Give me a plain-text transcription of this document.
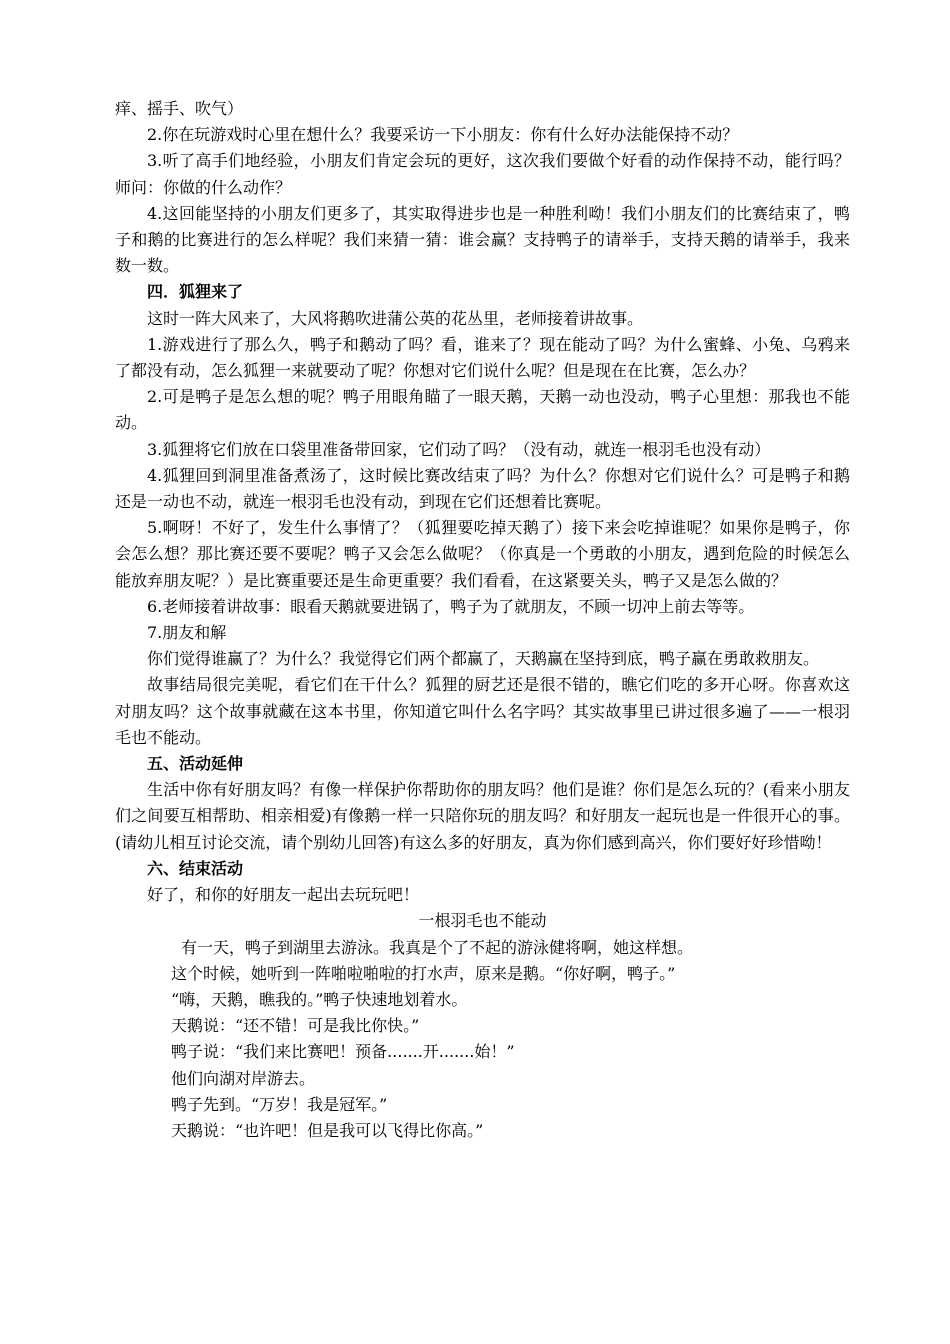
痒、摇手、吹气）

2.你在玩游戏时心里在想什么？我要采访一下小朋友：你有什么好办法能保持不动？

3.听了高手们地经验，小朋友们肯定会玩的更好，这次我们要做个好看的动作保持不动，能行吗？师问：你做的什么动作？

4.这回能坚持的小朋友们更多了，其实取得进步也是一种胜利呦！我们小朋友们的比赛结束了，鸭子和鹅的比赛进行的怎么样呢？我们来猜一猜：谁会赢？支持鸭子的请举手，支持天鹅的请举手，我来数一数。

四．狐狸来了

这时一阵大风来了，大风将鹅吹进蒲公英的花丛里，老师接着讲故事。

1.游戏进行了那么久，鸭子和鹅动了吗？看，谁来了？现在能动了吗？为什么蜜蜂、小兔、乌鸦来了都没有动，怎么狐狸一来就要动了呢？你想对它们说什么呢？但是现在在比赛，怎么办？

2.可是鸭子是怎么想的呢？鸭子用眼角瞄了一眼天鹅，天鹅一动也没动，鸭子心里想：那我也不能动。

3.狐狸将它们放在口袋里准备带回家，它们动了吗？（没有动，就连一根羽毛也没有动）

4.狐狸回到洞里准备煮汤了，这时候比赛改结束了吗？为什么？你想对它们说什么？可是鸭子和鹅还是一动也不动，就连一根羽毛也没有动，到现在它们还想着比赛呢。

5.啊呀！不好了，发生什么事情了？（狐狸要吃掉天鹅了）接下来会吃掉谁呢？如果你是鸭子，你会怎么想？那比赛还要不要呢？鸭子又会怎么做呢？（你真是一个勇敢的小朋友，遇到危险的时候怎么能放弃朋友呢？）是比赛重要还是生命更重要？我们看看，在这紧要关头，鸭子又是怎么做的？

6.老师接着讲故事：眼看天鹅就要进锅了，鸭子为了就朋友，不顾一切冲上前去等等。

7.朋友和解

你们觉得谁赢了？为什么？我觉得它们两个都赢了，天鹅赢在坚持到底，鸭子赢在勇敢救朋友。

故事结局很完美呢，看它们在干什么？狐狸的厨艺还是很不错的，瞧它们吃的多开心呀。你喜欢这对朋友吗？这个故事就藏在这本书里，你知道它叫什么名字吗？其实故事里已讲过很多遍了——一根羽毛也不能动。

五、活动延伸

生活中你有好朋友吗？有像一样保护你帮助你的朋友吗？他们是谁？你们是怎么玩的？(看来小朋友们之间要互相帮助、相亲相爱)有像鹅一样一只陪你玩的朋友吗？和好朋友一起玩也是一件很开心的事。(请幼儿相互讨论交流，请个别幼儿回答)有这么多的好朋友，真为你们感到高兴，你们要好好珍惜呦！

六、结束活动

好了，和你的好朋友一起出去玩玩吧！

一根羽毛也不能动

有一天，鸭子到湖里去游泳。我真是个了不起的游泳健将啊，她这样想。

这个时候，她听到一阵啪啦啪啦的打水声，原来是鹅。“你好啊，鸭子。”

“嗨，天鹅，瞧我的。”鸭子快速地划着水。

天鹅说：“还不错！可是我比你快。”

鸭子说：“我们来比赛吧！预备.......开.......始！”

他们向湖对岸游去。

鸭子先到。“万岁！我是冠军。”

天鹅说：“也许吧！但是我可以飞得比你高。”
